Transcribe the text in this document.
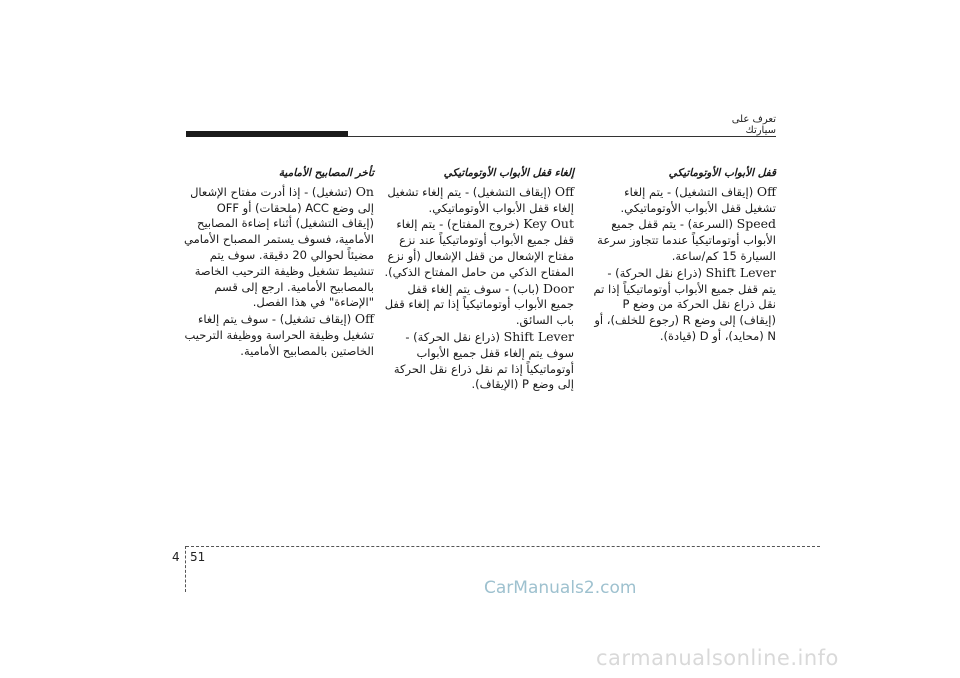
تعرف على سيارتك
قفل الأبواب الأوتوماتيكي

Off (إيقاف التشغيل) - يتم إلغاء تشغيل قفل الأبواب الأوتوماتيكي.

Speed (السرعة) - يتم قفل جميع الأبواب أوتوماتيكياً عندما تتجاوز سرعة السيارة 15 كم/ساعة.

Shift Lever (ذراع نقل الحركة) - يتم قفل جميع الأبواب أوتوماتيكياً إذا تم نقل ذراع نقل الحركة من وضع P (إيقاف) إلى وضع R (رجوع للخلف)، أو N (محايد)، أو D (قيادة).

إلغاء قفل الأبواب الأوتوماتيكي

Off (إيقاف التشغيل) - يتم إلغاء تشغيل إلغاء قفل الأبواب الأوتوماتيكي.

Key Out (خروج المفتاح) - يتم إلغاء قفل جميع الأبواب أوتوماتيكياً عند نزع مفتاح الإشعال من قفل الإشعال (أو نزع المفتاح الذكي من حامل المفتاح الذكي).

Door (باب) - سوف يتم إلغاء قفل جميع الأبواب أوتوماتيكياً إذا تم إلغاء قفل باب السائق.

Shift Lever (ذراع نقل الحركة) - سوف يتم إلغاء قفل جميع الأبواب أوتوماتيكياً إذا تم نقل ذراع نقل الحركة إلى وضع P (الإيقاف).

تأخر المصابيح الأمامية

On (تشغيل) - إذا أدرت مفتاح الإشعال إلى وضع ACC (ملحقات) أو OFF (إيقاف التشغيل) أثناء إضاءة المصابيح الأمامية، فسوف يستمر المصباح الأمامي مضيئاً لحوالي 20 دقيقة. سوف يتم تنشيط تشغيل وظيفة الترحيب الخاصة بالمصابيح الأمامية. ارجع إلى قسم "الإضاءة" في هذا الفصل.

Off (إيقاف تشغيل) - سوف يتم إلغاء تشغيل وظيفة الحراسة ووظيفة الترحيب الخاصتين بالمصابيح الأمامية.

4 51
CarManuals2.com
carmanualsonline.info
